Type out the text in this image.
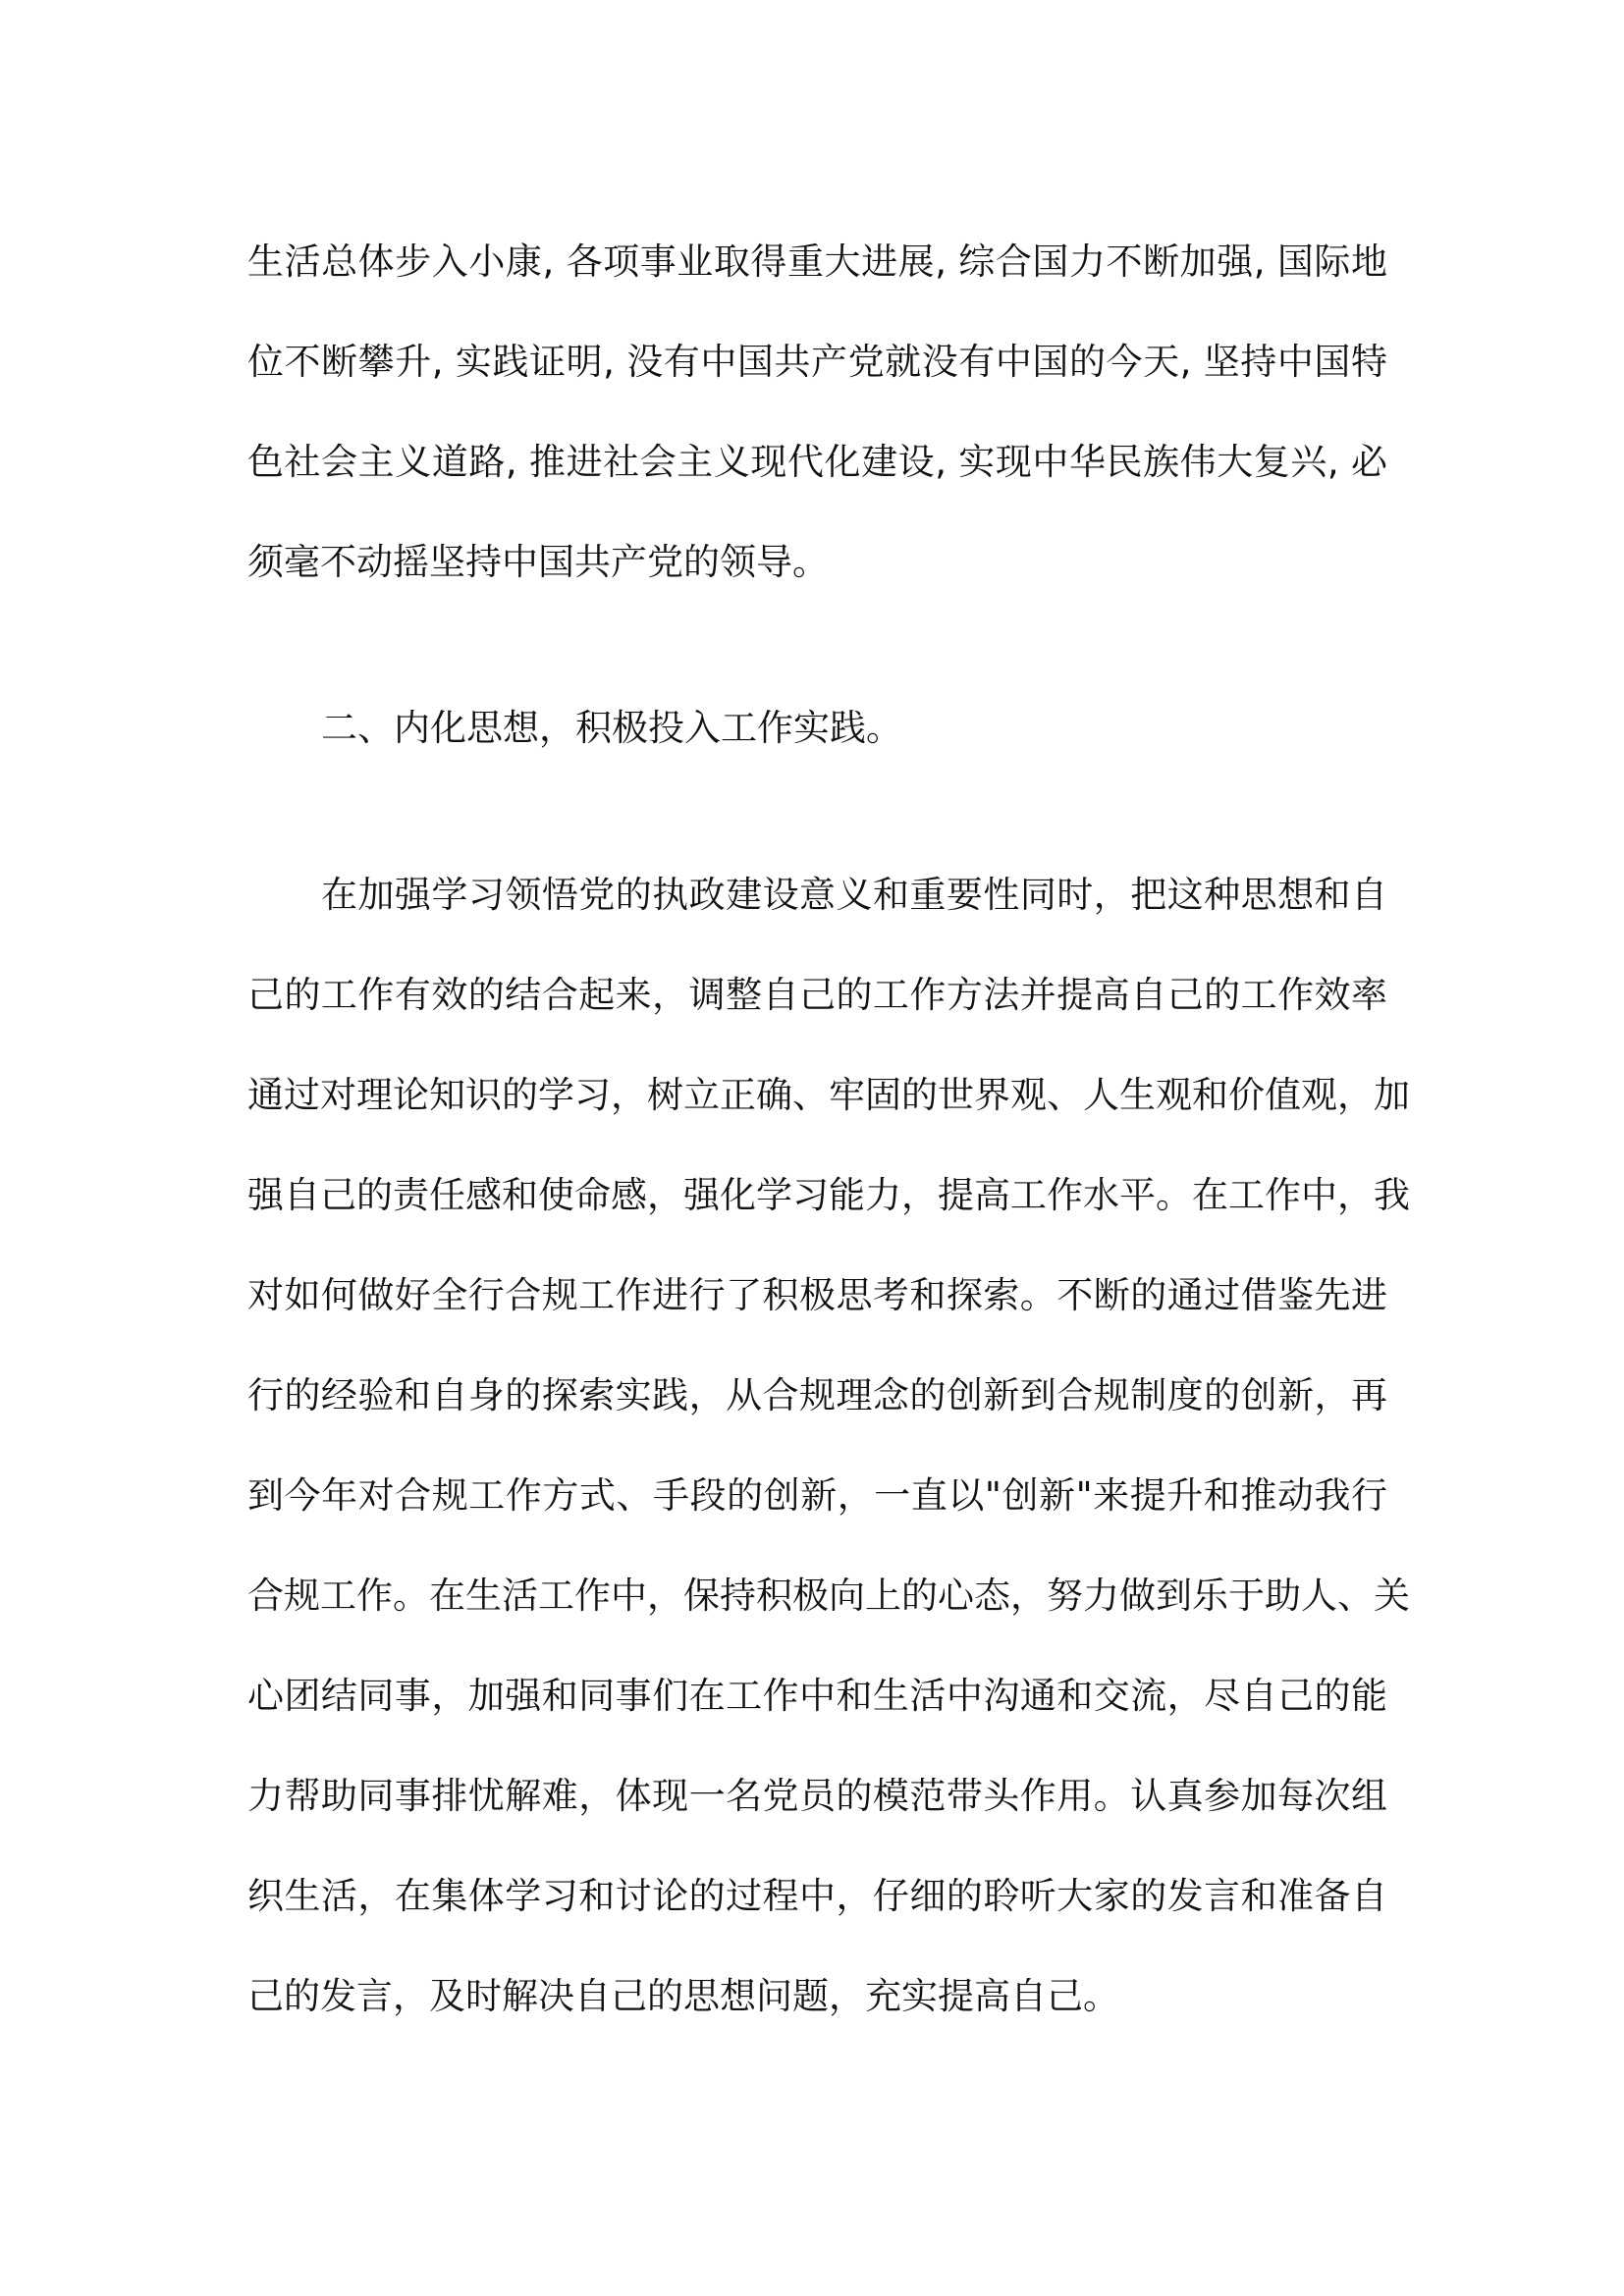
生活总体步入小康, 各项事业取得重大进展, 综合国力不断加强, 国际地
位不断攀升, 实践证明, 没有中国共产党就没有中国的今天, 坚持中国特
色社会主义道路, 推进社会主义现代化建设, 实现中华民族伟大复兴, 必
须毫不动摇坚持中国共产党的领导。
二、内化思想，积极投入工作实践。
在加强学习领悟党的执政建设意义和重要性同时，把这种思想和自
己的工作有效的结合起来，调整自己的工作方法并提高自己的工作效率
通过对理论知识的学习，树立正确、牢固的世界观、人生观和价值观，加
强自己的责任感和使命感，强化学习能力，提高工作水平。在工作中，我
对如何做好全行合规工作进行了积极思考和探索。不断的通过借鉴先进
行的经验和自身的探索实践，从合规理念的创新到合规制度的创新，再
到今年对合规工作方式、手段的创新，一直以"创新"来提升和推动我行
合规工作。在生活工作中，保持积极向上的心态，努力做到乐于助人、关
心团结同事，加强和同事们在工作中和生活中沟通和交流，尽自己的能
力帮助同事排忧解难，体现一名党员的模范带头作用。认真参加每次组
织生活，在集体学习和讨论的过程中，仔细的聆听大家的发言和准备自
己的发言，及时解决自己的思想问题，充实提高自己。
